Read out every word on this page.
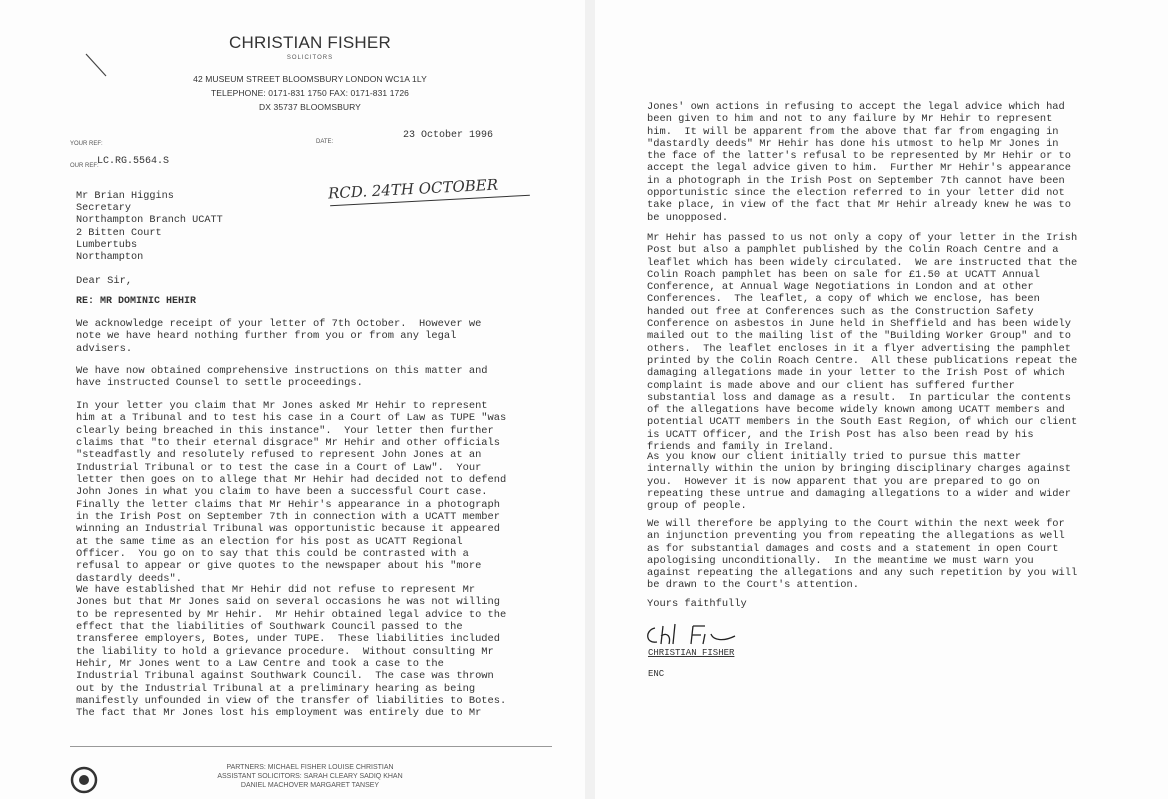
CHRISTIAN FISHER
SOLICITORS
42 MUSEUM STREET BLOOMSBURY LONDON WC1A 1LY
TELEPHONE: 0171-831 1750 FAX: 0171-831 1726
DX 35737 BLOOMSBURY
YOUR REF:	DATE:
23 October 1996
OUR REF:
LC.RG.5564.S
RCD. 24TH OCTOBER
Mr Brian Higgins
Secretary
Northampton Branch UCATT
2 Bitten Court
Lumbertubs
Northampton
Dear Sir,
RE: MR DOMINIC HEHIR
We acknowledge receipt of your letter of 7th October.  However we
note we have heard nothing further from you or from any legal
advisers.
We have now obtained comprehensive instructions on this matter and
have instructed Counsel to settle proceedings.
In your letter you claim that Mr Jones asked Mr Hehir to represent
him at a Tribunal and to test his case in a Court of Law as TUPE "was
clearly being breached in this instance".  Your letter then further
claims that "to their eternal disgrace" Mr Hehir and other officials
"steadfastly and resolutely refused to represent John Jones at an
Industrial Tribunal or to test the case in a Court of Law".  Your
letter then goes on to allege that Mr Hehir had decided not to defend
John Jones in what you claim to have been a successful Court case.
Finally the letter claims that Mr Hehir's appearance in a photograph
in the Irish Post on September 7th in connection with a UCATT member
winning an Industrial Tribunal was opportunistic because it appeared
at the same time as an election for his post as UCATT Regional
Officer.  You go on to say that this could be contrasted with a
refusal to appear or give quotes to the newspaper about his "more
dastardly deeds".
We have established that Mr Hehir did not refuse to represent Mr
Jones but that Mr Jones said on several occasions he was not willing
to be represented by Mr Hehir.  Mr Hehir obtained legal advice to the
effect that the liabilities of Southwark Council passed to the
transferee employers, Botes, under TUPE.  These liabilities included
the liability to hold a grievance procedure.  Without consulting Mr
Hehir, Mr Jones went to a Law Centre and took a case to the
Industrial Tribunal against Southwark Council.  The case was thrown
out by the Industrial Tribunal at a preliminary hearing as being
manifestly unfounded in view of the transfer of liabilities to Botes.
The fact that Mr Jones lost his employment was entirely due to Mr
PARTNERS: MICHAEL FISHER LOUISE CHRISTIAN
ASSISTANT SOLICITORS: SARAH CLEARY SADIQ KHAN
DANIEL MACHOVER MARGARET TANSEY
Jones' own actions in refusing to accept the legal advice which had
been given to him and not to any failure by Mr Hehir to represent
him.  It will be apparent from the above that far from engaging in
"dastardly deeds" Mr Hehir has done his utmost to help Mr Jones in
the face of the latter's refusal to be represented by Mr Hehir or to
accept the legal advice given to him.  Further Mr Hehir's appearance
in a photograph in the Irish Post on September 7th cannot have been
opportunistic since the election referred to in your letter did not
take place, in view of the fact that Mr Hehir already knew he was to
be unopposed.
Mr Hehir has passed to us not only a copy of your letter in the Irish
Post but also a pamphlet published by the Colin Roach Centre and a
leaflet which has been widely circulated.  We are instructed that the
Colin Roach pamphlet has been on sale for £1.50 at UCATT Annual
Conference, at Annual Wage Negotiations in London and at other
Conferences.  The leaflet, a copy of which we enclose, has been
handed out free at Conferences such as the Construction Safety
Conference on asbestos in June held in Sheffield and has been widely
mailed out to the mailing list of the "Building Worker Group" and to
others.  The leaflet encloses in it a flyer advertising the pamphlet
printed by the Colin Roach Centre.  All these publications repeat the
damaging allegations made in your letter to the Irish Post of which
complaint is made above and our client has suffered further
substantial loss and damage as a result.  In particular the contents
of the allegations have become widely known among UCATT members and
potential UCATT members in the South East Region, of which our client
is UCATT Officer, and the Irish Post has also been read by his
friends and family in Ireland.
As you know our client initially tried to pursue this matter
internally within the union by bringing disciplinary charges against
you.  However it is now apparent that you are prepared to go on
repeating these untrue and damaging allegations to a wider and wider
group of people.
We will therefore be applying to the Court within the next week for
an injunction preventing you from repeating the allegations as well
as for substantial damages and costs and a statement in open Court
apologising unconditionally.  In the meantime we must warn you
against repeating the allegations and any such repetition by you will
be drawn to the Court's attention.
Yours faithfully
CHRISTIAN FISHER
ENC
